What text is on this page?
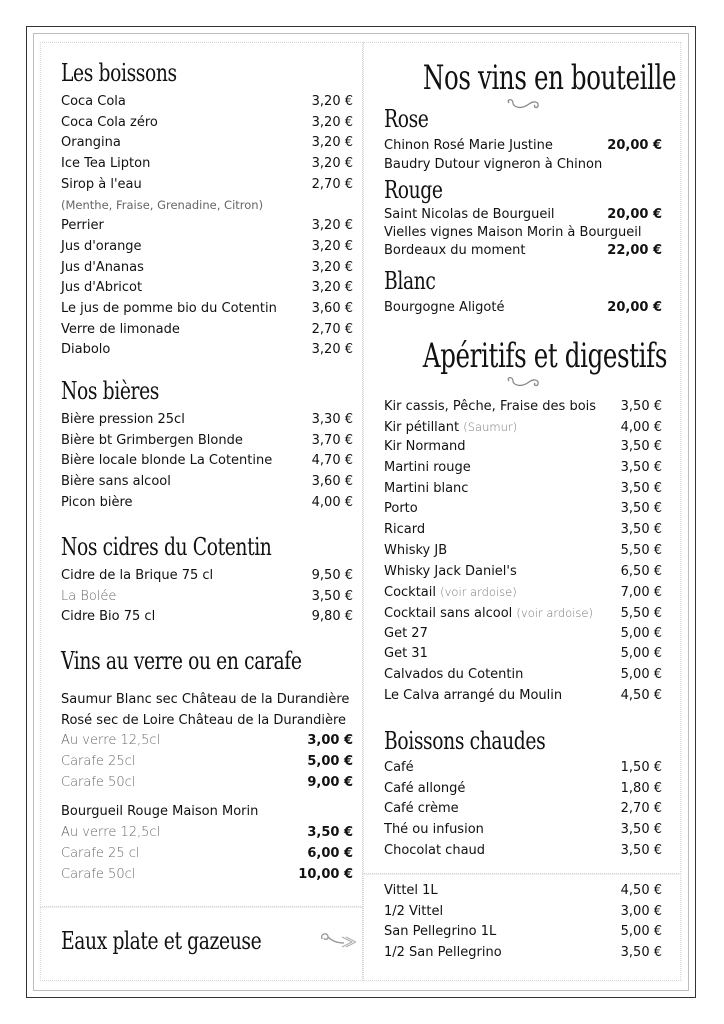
Les boissons
Coca Cola	3,20 €
Coca Cola zéro	3,20 €
Orangina	3,20 €
Ice Tea Lipton	3,20 €
Sirop à l'eau	2,70 €
(Menthe, Fraise, Grenadine, Citron)
Perrier	3,20 €
Jus d'orange	3,20 €
Jus d'Ananas	3,20 €
Jus d'Abricot	3,20 €
Le jus de pomme bio du Cotentin	3,60 €
Verre de limonade	2,70 €
Diabolo	3,20 €
Nos bières
Bière pression 25cl	3,30 €
Bière bt Grimbergen Blonde	3,70 €
Bière locale blonde La Cotentine	4,70 €
Bière sans alcool	3,60 €
Picon bière	4,00 €
Nos cidres du Cotentin
Cidre de la Brique 75 cl	9,50 €
La Bolée	3,50 €
Cidre Bio 75 cl	9,80 €
Vins au verre ou en carafe
Saumur Blanc sec Château de la Durandière
Rosé sec de Loire Château de la Durandière
Au verre 12,5cl	3,00 €
Carafe 25cl	5,00 €
Carafe 50cl	9,00 €
Bourgueil Rouge Maison Morin
Au verre 12,5cl	3,50 €
Carafe 25 cl	6,00 €
Carafe 50cl	10,00 €
Eaux plate et gazeuse
Nos vins en bouteille
Rose
Chinon Rosé Marie Justine	20,00 €
Baudry Dutour vigneron à Chinon
Rouge
Saint Nicolas de Bourgueil	20,00 €
Vielles vignes Maison Morin à Bourgueil
Bordeaux du moment	22,00 €
Blanc
Bourgogne Aligoté	20,00 €
Apéritifs et digestifs
Kir cassis, Pêche, Fraise des bois 3,50 €
Kir pétillant (Saumur)	4,00 €
Kir Normand	3,50 €
Martini rouge	3,50 €
Martini blanc	3,50 €
Porto	3,50 €
Ricard	3,50 €
Whisky JB	5,50 €
Whisky Jack Daniel's	6,50 €
Cocktail (voir ardoise)	7,00 €
Cocktail sans alcool (voir ardoise) 5,50 €
Get 27	5,00 €
Get 31	5,00 €
Calvados du Cotentin	5,00 €
Le Calva arrangé du Moulin	4,50 €
Boissons chaudes
Café	1,50 €
Café allongé	1,80 €
Café crème	2,70 €
Thé ou infusion	3,50 €
Chocolat chaud	3,50 €
Vittel 1L	4,50 €
1/2 Vittel	3,00 €
San Pellegrino 1L	5,00 €
1/2 San Pellegrino	3,50 €
